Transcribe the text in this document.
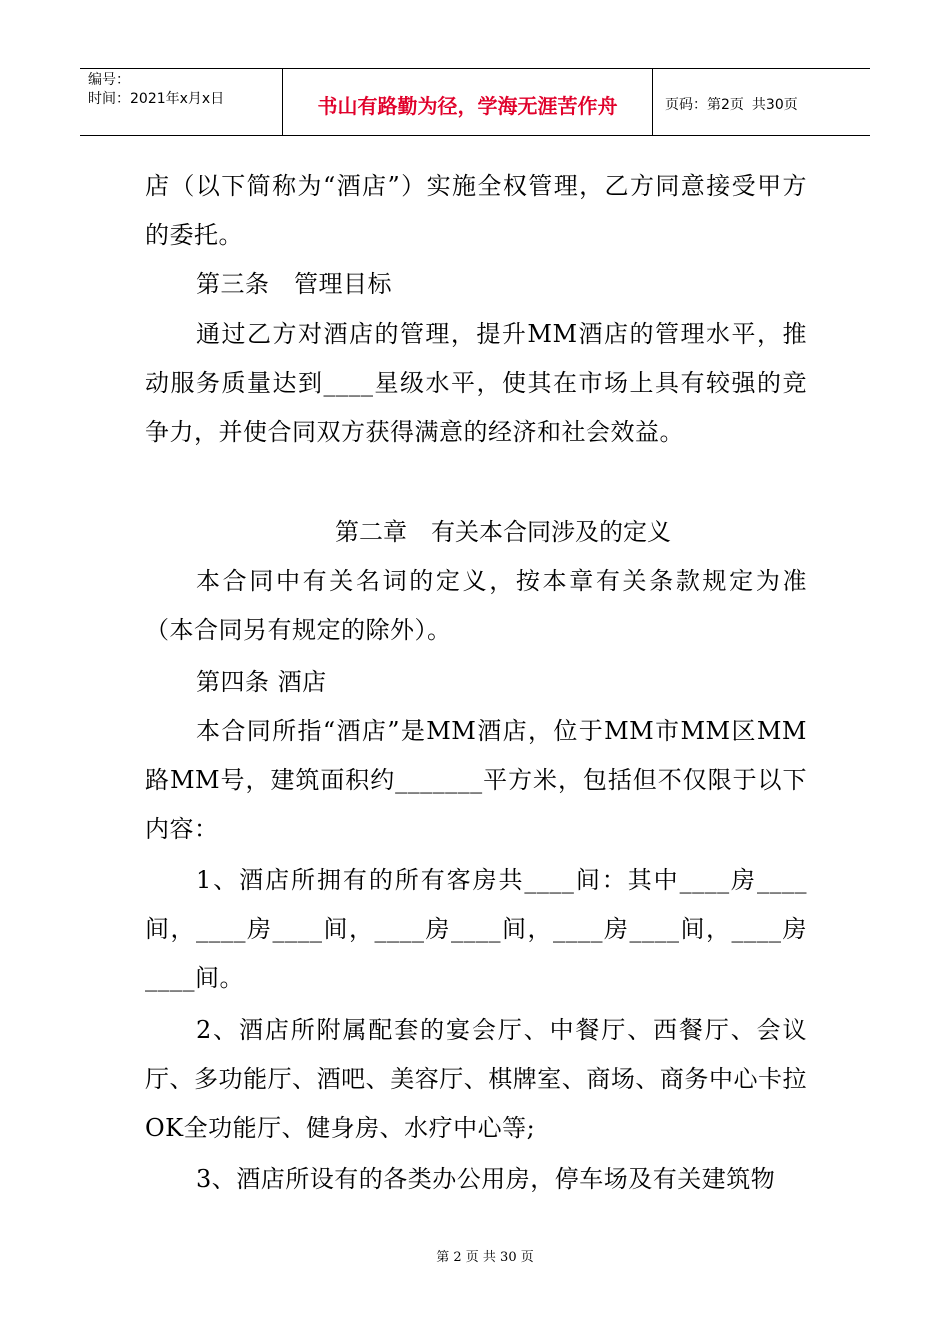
编号：
时间：2021年x月x日	书山有路勤为径，学海无涯苦作舟	页码：第2页 共30页

店（以下简称为“酒店”）实施全权管理，乙方同意接受甲方的委托。

第三条　管理目标

通过乙方对酒店的管理，提升MM酒店的管理水平，推动服务质量达到____星级水平，使其在市场上具有较强的竞争力，并使合同双方获得满意的经济和社会效益。

第二章　有关本合同涉及的定义

本合同中有关名词的定义，按本章有关条款规定为准（本合同另有规定的除外）。

第四条 酒店

本合同所指“酒店”是MM酒店，位于MM市MM区MM路MM号，建筑面积约_______平方米，包括但不仅限于以下内容：

1、酒店所拥有的所有客房共____间：其中____房____间，____房____间，____房____间，____房____间，____房____间。

2、酒店所附属配套的宴会厅、中餐厅、西餐厅、会议厅、多功能厅、酒吧、美容厅、棋牌室、商场、商务中心卡拉OK全功能厅、健身房、水疗中心等;

3、酒店所设有的各类办公用房，停车场及有关建筑物

第 2 页 共 30 页
